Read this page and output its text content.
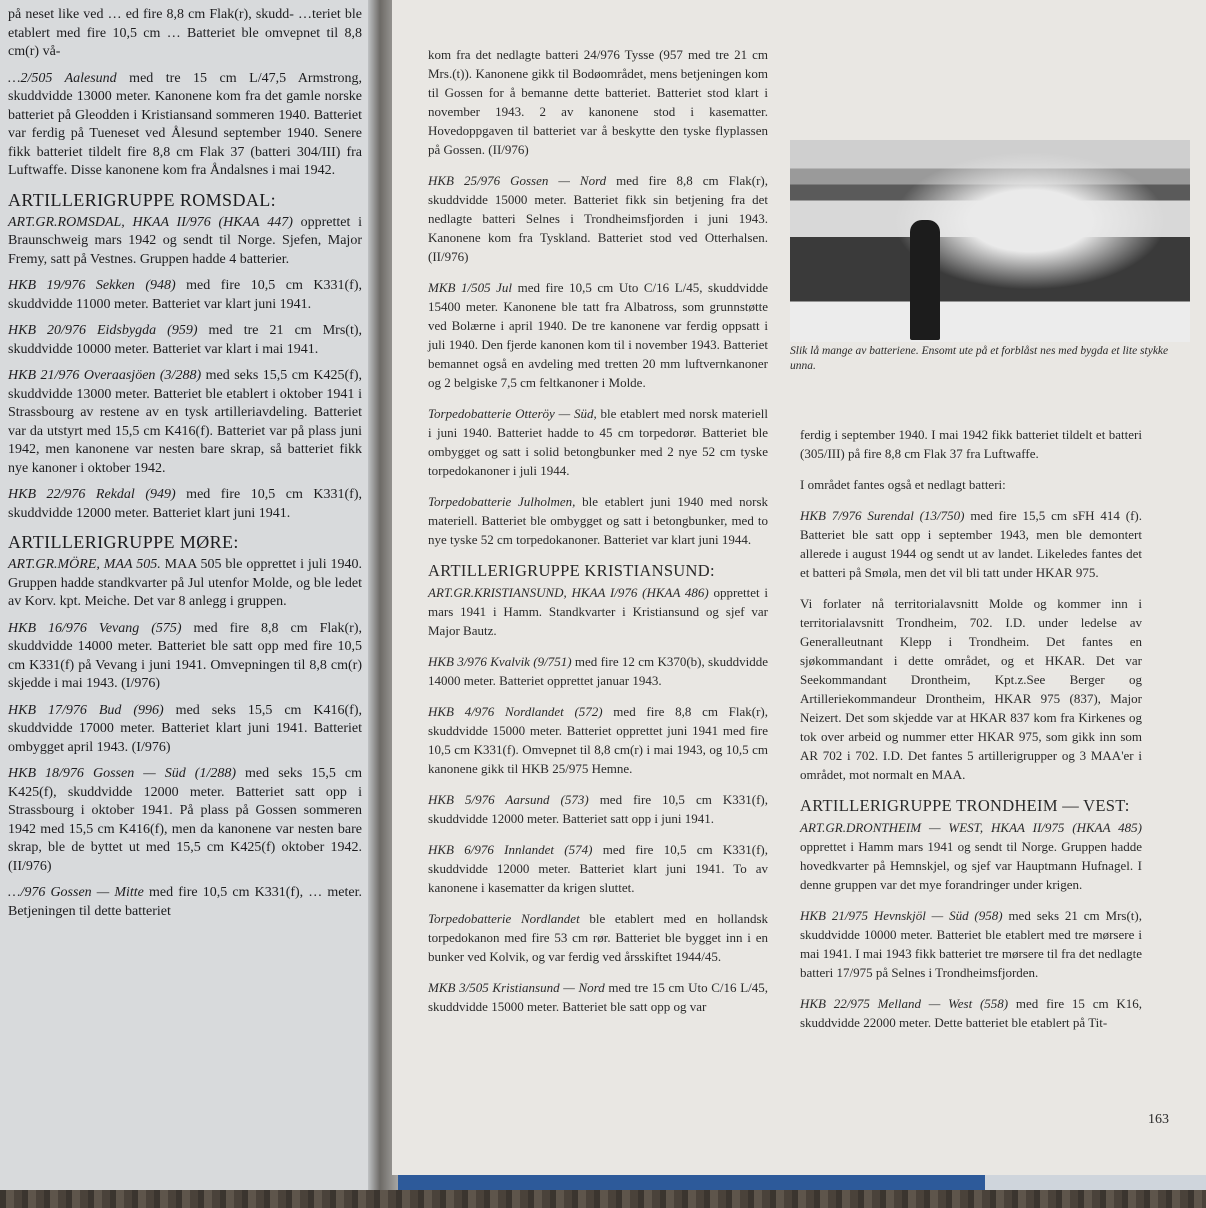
på neset like ved … ed fire 8,8 cm Flak(r), skudd- …teriet ble etablert med fire 10,5 cm … Batteriet ble omvepnet til 8,8 cm(r) vå-

…2/505 Aalesund med tre 15 cm L/47,5 Armstrong, skuddvidde 13000 meter. Kanonene kom fra det gamle norske batteriet på Gleodden i Kristiansand sommeren 1940. Batteriet var ferdig på Tueneset ved Ålesund september 1940. Senere fikk batteriet tildelt fire 8,8 cm Flak 37 (batteri 304/III) fra Luftwaffe. Disse kanonene kom fra Åndalsnes i mai 1942.

ARTILLERIGRUPPE ROMSDAL:

ART.GR.ROMSDAL, HKAA II/976 (HKAA 447) opprettet i Braunschweig mars 1942 og sendt til Norge. Sjefen, Major Fremy, satt på Vestnes. Gruppen hadde 4 batterier.

HKB 19/976 Sekken (948) med fire 10,5 cm K331(f), skuddvidde 11000 meter. Batteriet var klart juni 1941.

HKB 20/976 Eidsbygda (959) med tre 21 cm Mrs(t), skuddvidde 10000 meter. Batteriet var klart i mai 1941.

HKB 21/976 Overaasjöen (3/288) med seks 15,5 cm K425(f), skuddvidde 13000 meter. Batteriet ble etablert i oktober 1941 i Strassbourg av restene av en tysk artilleriavdeling. Batteriet var da utstyrt med 15,5 cm K416(f). Batteriet var på plass juni 1942, men kanonene var nesten bare skrap, så batteriet fikk nye kanoner i oktober 1942.

HKB 22/976 Rekdal (949) med fire 10,5 cm K331(f), skuddvidde 12000 meter. Batteriet klart juni 1941.

ARTILLERIGRUPPE MØRE:

ART.GR.MÖRE, MAA 505. MAA 505 ble opprettet i juli 1940. Gruppen hadde standkvarter på Jul utenfor Molde, og ble ledet av Korv. kpt. Meiche. Det var 8 anlegg i gruppen.

HKB 16/976 Vevang (575) med fire 8,8 cm Flak(r), skuddvidde 14000 meter. Batteriet ble satt opp med fire 10,5 cm K331(f) på Vevang i juni 1941. Omvepningen til 8,8 cm(r) skjedde i mai 1943. (I/976)

HKB 17/976 Bud (996) med seks 15,5 cm K416(f), skuddvidde 17000 meter. Batteriet klart juni 1941. Batteriet ombygget april 1943. (I/976)

HKB 18/976 Gossen — Süd (1/288) med seks 15,5 cm K425(f), skuddvidde 12000 meter. Batteriet satt opp i Strassbourg i oktober 1941. På plass på Gossen sommeren 1942 med 15,5 cm K416(f), men da kanonene var nesten bare skrap, ble de byttet ut med 15,5 cm K425(f) oktober 1942. (II/976)

…/976 Gossen — Mitte med fire 10,5 cm K331(f), … meter. Betjeningen til dette batteriet

kom fra det nedlagte batteri 24/976 Tysse (957 med tre 21 cm Mrs.(t)). Kanonene gikk til Bodøområdet, mens betjeningen kom til Gossen for å bemanne dette batteriet. Batteriet stod klart i november 1943. 2 av kanonene stod i kasematter. Hovedoppgaven til batteriet var å beskytte den tyske flyplassen på Gossen. (II/976)

HKB 25/976 Gossen — Nord med fire 8,8 cm Flak(r), skuddvidde 15000 meter. Batteriet fikk sin betjening fra det nedlagte batteri Selnes i Trondheimsfjorden i juni 1943. Kanonene kom fra Tyskland. Batteriet stod ved Otterhalsen. (II/976)

MKB 1/505 Jul med fire 10,5 cm Uto C/16 L/45, skuddvidde 15400 meter. Kanonene ble tatt fra Albatross, som grunnstøtte ved Bolærne i april 1940. De tre kanonene var ferdig oppsatt i juli 1940. Den fjerde kanonen kom til i november 1943. Batteriet bemannet også en avdeling med tretten 20 mm luftvernkanoner og 2 belgiske 7,5 cm feltkanoner i Molde.

Torpedobatterie Otteröy — Süd, ble etablert med norsk materiell i juni 1940. Batteriet hadde to 45 cm torpedorør. Batteriet ble ombygget og satt i solid betongbunker med 2 nye 52 cm tyske torpedokanoner i juli 1944.

Torpedobatterie Julholmen, ble etablert juni 1940 med norsk materiell. Batteriet ble ombygget og satt i betongbunker, med to nye tyske 52 cm torpedokanoner. Batteriet var klart juni 1944.

ARTILLERIGRUPPE KRISTIANSUND:

ART.GR.KRISTIANSUND, HKAA I/976 (HKAA 486) opprettet i mars 1941 i Hamm. Standkvarter i Kristiansund og sjef var Major Bautz.

HKB 3/976 Kvalvik (9/751) med fire 12 cm K370(b), skuddvidde 14000 meter. Batteriet opprettet januar 1943.

HKB 4/976 Nordlandet (572) med fire 8,8 cm Flak(r), skuddvidde 15000 meter. Batteriet opprettet juni 1941 med fire 10,5 cm K331(f). Omvepnet til 8,8 cm(r) i mai 1943, og 10,5 cm kanonene gikk til HKB 25/975 Hemne.

HKB 5/976 Aarsund (573) med fire 10,5 cm K331(f), skuddvidde 12000 meter. Batteriet satt opp i juni 1941.

HKB 6/976 Innlandet (574) med fire 10,5 cm K331(f), skuddvidde 12000 meter. Batteriet klart juni 1941. To av kanonene i kasematter da krigen sluttet.

Torpedobatterie Nordlandet ble etablert med en hollandsk torpedokanon med fire 53 cm rør. Batteriet ble bygget inn i en bunker ved Kolvik, og var ferdig ved årsskiftet 1944/45.

MKB 3/505 Kristiansund — Nord med tre 15 cm Uto C/16 L/45, skuddvidde 15000 meter. Batteriet ble satt opp og var

Slik lå mange av batteriene. Ensomt ute på et forblåst nes med bygda et lite stykke unna.

ferdig i september 1940. I mai 1942 fikk batteriet tildelt et batteri (305/III) på fire 8,8 cm Flak 37 fra Luftwaffe.

I området fantes også et nedlagt batteri:

HKB 7/976 Surendal (13/750) med fire 15,5 cm sFH 414 (f). Batteriet ble satt opp i september 1943, men ble demontert allerede i august 1944 og sendt ut av landet. Likeledes fantes det et batteri på Smøla, men det vil bli tatt under HKAR 975.

Vi forlater nå territorialavsnitt Molde og kommer inn i territorialavsnitt Trondheim, 702. I.D. under ledelse av Generalleutnant Klepp i Trondheim. Det fantes en sjøkommandant i dette området, og et HKAR. Det var Seekommandant Drontheim, Kpt.z.See Berger og Artilleriekommandeur Drontheim, HKAR 975 (837), Major Neizert. Det som skjedde var at HKAR 837 kom fra Kirkenes og tok over arbeid og nummer etter HKAR 975, som gikk inn som AR 702 i 702. I.D. Det fantes 5 artillerigrupper og 3 MAA'er i området, mot normalt en MAA.

ARTILLERIGRUPPE TRONDHEIM — VEST:

ART.GR.DRONTHEIM — WEST, HKAA II/975 (HKAA 485) opprettet i Hamm mars 1941 og sendt til Norge. Gruppen hadde hovedkvarter på Hemnskjel, og sjef var Hauptmann Hufnagel. I denne gruppen var det mye forandringer under krigen.

HKB 21/975 Hevnskjöl — Süd (958) med seks 21 cm Mrs(t), skuddvidde 10000 meter. Batteriet ble etablert med tre mørsere i mai 1941. I mai 1943 fikk batteriet tre mørsere til fra det nedlagte batteri 17/975 på Selnes i Trondheimsfjorden.

HKB 22/975 Melland — West (558) med fire 15 cm K16, skuddvidde 22000 meter. Dette batteriet ble etablert på Tit-

163
